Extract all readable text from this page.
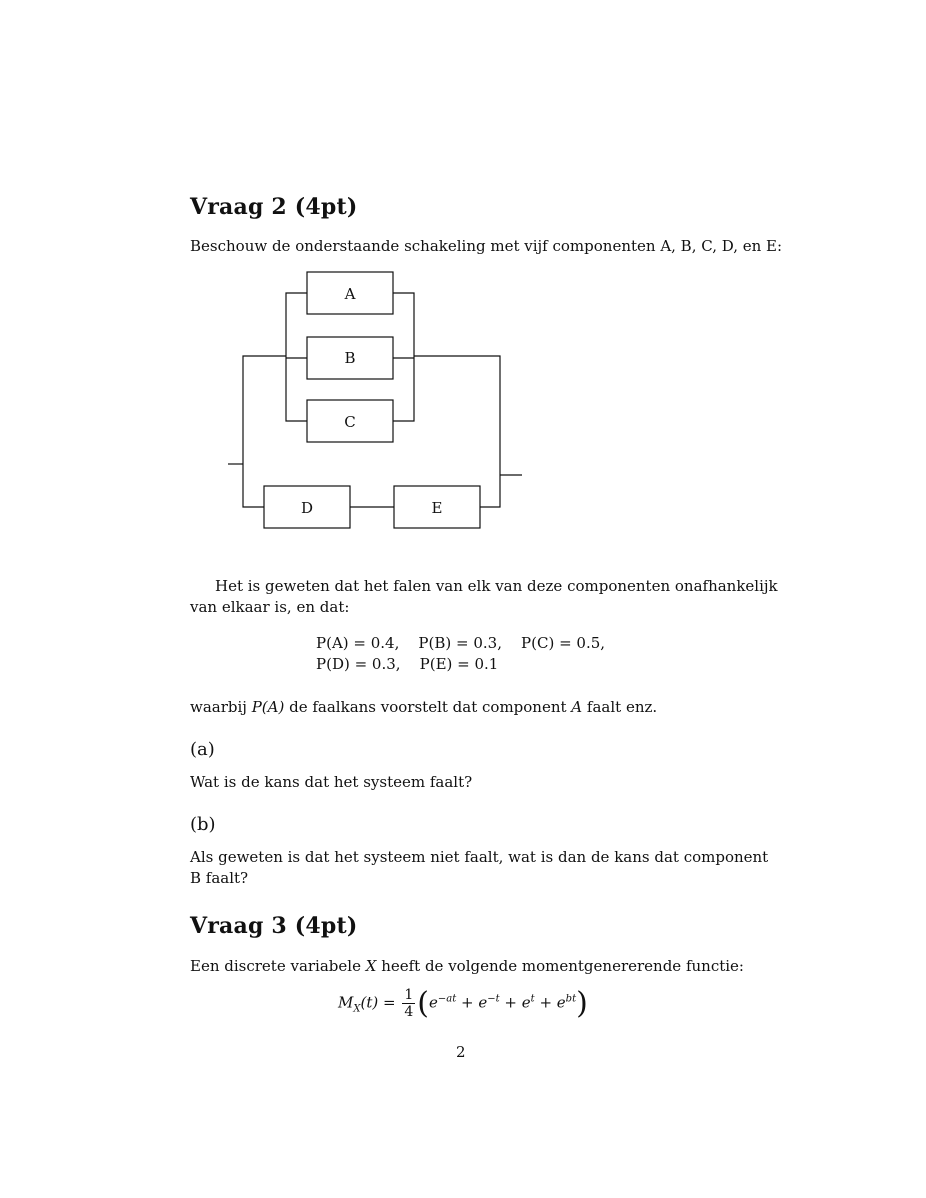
Vraag 2 (4pt)
Beschouw de onderstaande schakeling met vijf componenten A, B, C, D, en E:
A
B
C
D	E
Het is geweten dat het falen van elk van deze componenten onafhankelijk
van elkaar is, en dat:
P(A) = 0.4,    P(B) = 0.3,    P(C) = 0.5,
P(D) = 0.3,    P(E) = 0.1
waarbij P(A) de faalkans voorstelt dat component A faalt enz.
(a)
Wat is de kans dat het systeem faalt?
(b)
Als geweten is dat het systeem niet faalt, wat is dan de kans dat component
B faalt?
Vraag 3 (4pt)
Een discrete variabele X heeft de volgende momentgenererende functie:
$M_X(t) = \frac{1}{4} (e^{-at} + e^{-t} + e^t + e^{bt})$
2
